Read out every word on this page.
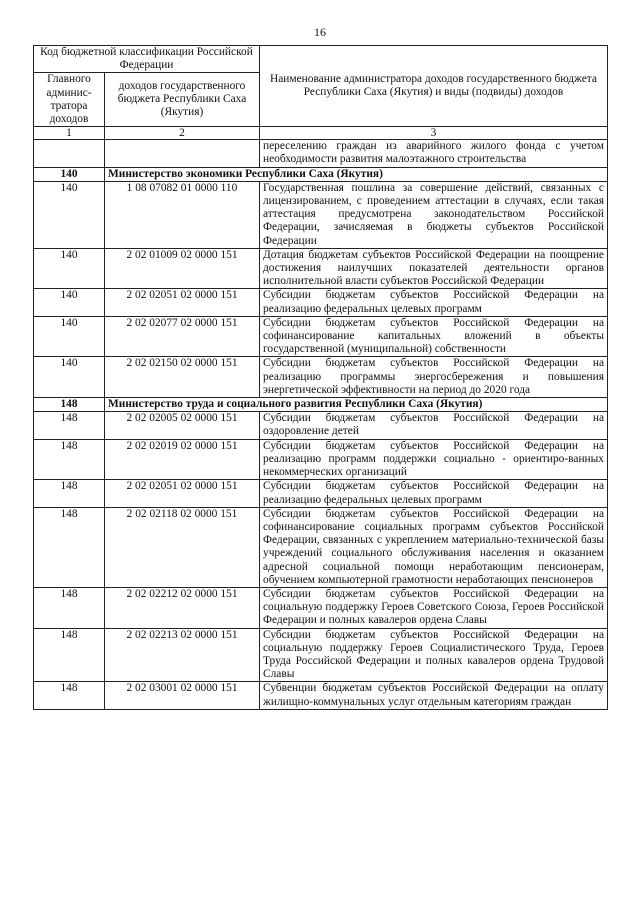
16
Код бюджетной классификации Российской Федерации		Наименование администратора доходов государственного бюджета Республики Саха (Якутия) и виды (подвиды) доходов
Главного админис-тратора доходов	доходов государственного бюджета Республики Саха (Якутия)	
1	2	3
		переселению граждан из аварийного жилого фонда с учетом необходимости развития малоэтажного строительства
140	Министерство экономики Республики Саха (Якутия)	
140	1 08 07082 01 0000 110	Государственная пошлина за совершение действий, связанных с лицензированием, с проведением аттестации в случаях, если такая аттестация предусмотрена законодательством Российской Федерации, зачисляемая в бюджеты субъектов Российской Федерации
140	2 02 01009 02 0000 151	Дотация бюджетам субъектов Российской Федерации на поощрение достижения наилучших показателей деятельности органов исполнительной власти субъектов Российской Федерации
140	2 02 02051 02 0000 151	Субсидии бюджетам субъектов Российской Федерации на реализацию федеральных целевых программ
140	2 02 02077 02 0000 151	Субсидии бюджетам субъектов Российской Федерации на софинансирование капитальных вложений в объекты государственной (муниципальной) собственности
140	2 02 02150 02 0000 151	Субсидии бюджетам субъектов Российской Федерации на реализацию программы энергосбережения и повышения энергетической эффективности на период до 2020 года
148	Министерство труда и социального развития Республики Саха (Якутия)	
148	2 02 02005 02 0000 151	Субсидии бюджетам субъектов Российской Федерации на оздоровление детей
148	2 02 02019 02 0000 151	Субсидии бюджетам субъектов Российской Федерации на реализацию программ поддержки социально - ориентиро-ванных некоммерческих организаций
148	2 02 02051 02 0000 151	Субсидии бюджетам субъектов Российской Федерации на реализацию федеральных целевых программ
148	2 02 02118 02 0000 151	Субсидии бюджетам субъектов Российской Федерации на софинансирование социальных программ субъектов Российской Федерации, связанных с укреплением материально-технической базы учреждений социального обслуживания населения и оказанием адресной социальной помощи неработающим пенсионерам, обучением компьютерной грамотности неработающих пенсионеров
148	2 02 02212 02 0000 151	Субсидии бюджетам субъектов Российской Федерации на социальную поддержку Героев Советского Союза, Героев Российской Федерации и полных кавалеров ордена Славы
148	2 02 02213 02 0000 151	Субсидии бюджетам субъектов Российской Федерации на социальную поддержку Героев Социалистического Труда, Героев Труда Российской Федерации и полных кавалеров ордена Трудовой Славы
148	2 02 03001 02 0000 151	Субвенции бюджетам субъектов Российской Федерации на оплату жилищно-коммунальных услуг отдельным категориям граждан
